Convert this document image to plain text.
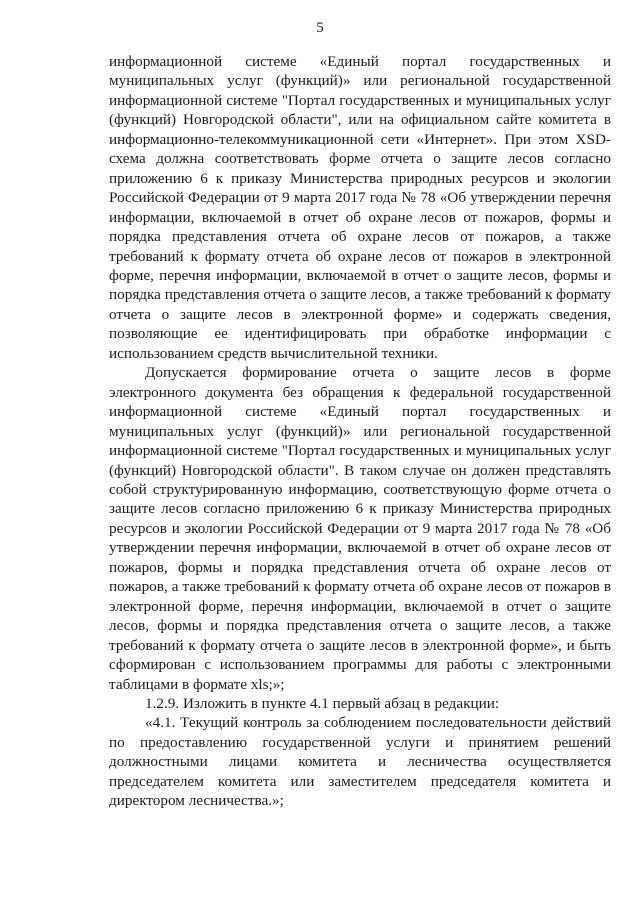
5

информационной системе «Единый портал государственных и муниципальных услуг (функций)» или региональной государственной информационной системе "Портал государственных и муниципальных услуг (функций) Новгородской области", или на официальном сайте комитета в информационно-телекоммуникационной сети «Интернет». При этом XSD-схема должна соответствовать форме отчета о защите лесов согласно приложению 6 к приказу Министерства природных ресурсов и экологии Российской Федерации от 9 марта 2017 года № 78 «Об утверждении перечня информации, включаемой в отчет об охране лесов от пожаров, формы и порядка представления отчета об охране лесов от пожаров, а также требований к формату отчета об охране лесов от пожаров в электронной форме, перечня информации, включаемой в отчет о защите лесов, формы и порядка представления отчета о защите лесов, а также требований к формату отчета о защите лесов в электронной форме» и содержать сведения, позволяющие ее идентифицировать при обработке информации с использованием средств вычислительной техники.

Допускается формирование отчета о защите лесов в форме электронного документа без обращения к федеральной государственной информационной системе «Единый портал государственных и муниципальных услуг (функций)» или региональной государственной информационной системе "Портал государственных и муниципальных услуг (функций) Новгородской области". В таком случае он должен представлять собой структурированную информацию, соответствующую форме отчета о защите лесов согласно приложению 6 к приказу Министерства природных ресурсов и экологии Российской Федерации от 9 марта 2017 года № 78 «Об утверждении перечня информации, включаемой в отчет об охране лесов от пожаров, формы и порядка представления отчета об охране лесов от пожаров, а также требований к формату отчета об охране лесов от пожаров в электронной форме, перечня информации, включаемой в отчет о защите лесов, формы и порядка представления отчета о защите лесов, а также требований к формату отчета о защите лесов в электронной форме», и быть сформирован с использованием программы для работы с электронными таблицами в формате xls;»;

1.2.9. Изложить в пункте 4.1 первый абзац в редакции:

«4.1. Текущий контроль за соблюдением последовательности действий по предоставлению государственной услуги и принятием решений должностными лицами комитета и лесничества осуществляется председателем комитета или заместителем председателя комитета и директором лесничества.»;
